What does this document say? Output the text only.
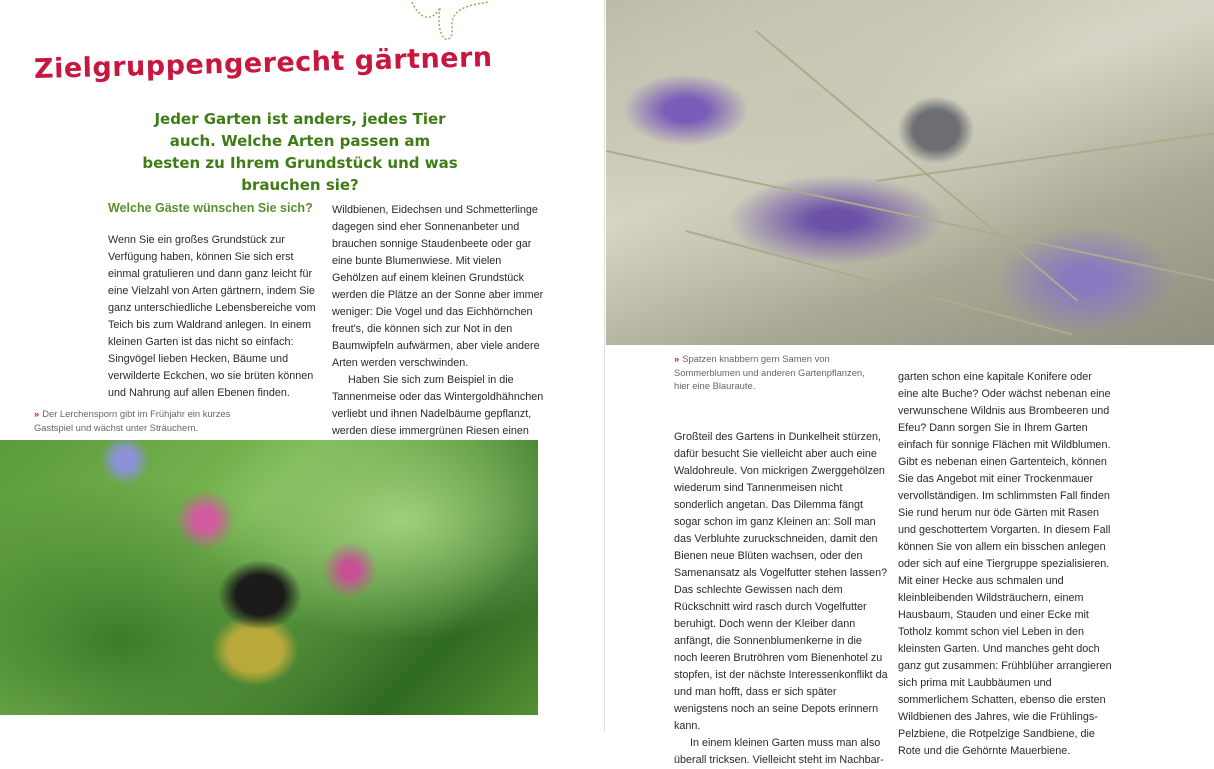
Zielgruppengerecht gärtnern

Jeder Garten ist anders, jedes Tier auch. Welche Arten passen am besten zu Ihrem Grundstück und was brauchen sie?

Welche Gäste wünschen Sie sich?

Wenn Sie ein großes Grundstück zur Verfügung haben, können Sie sich erst einmal gratulieren und dann ganz leicht für eine Vielzahl von Arten gärtnern, indem Sie ganz unterschiedliche Lebensbereiche vom Teich bis zum Waldrand anlegen. In einem kleinen Garten ist das nicht so einfach: Singvögel lieben Hecken, Bäume und verwilderte Eckchen, wo sie brüten können und Nahrung auf allen Ebenen finden.

Wildbienen, Eidechsen und Schmetterlinge dagegen sind eher Sonnenanbeter und brauchen sonnige Staudenbeete oder gar eine bunte Blumenwiese. Mit vielen Gehölzen auf einem kleinen Grundstück werden die Plätze an der Sonne aber immer weniger: Die Vogel und das Eichhörnchen freut's, die können sich zur Not in den Baumwipfeln aufwärmen, aber viele andere Arten werden verschwinden.

Haben Sie sich zum Beispiel in die Tannenmeise oder das Wintergoldhähnchen verliebt und ihnen Nadelbäume gepflanzt, werden diese immergrünen Riesen einen

» Der Lerchensporn gibt im Frühjahr ein kurzes Gastspiel und wächst unter Sträuchern.
» Spatzen knabbern gern Samen von Sommerblumen und anderen Gartenpflanzen, hier eine Blauraute.

Großteil des Gartens in Dunkelheit stürzen, dafür besucht Sie vielleicht aber auch eine Waldohreule. Von mickrigen Zwerggehölzen wiederum sind Tannenmeisen nicht sonderlich angetan. Das Dilemma fängt sogar schon im ganz Kleinen an: Soll man das Verbluhte zuruckschneiden, damit den Bienen neue Blüten wachsen, oder den Samenansatz als Vogelfutter stehen lassen? Das schlechte Gewissen nach dem Rückschnitt wird rasch durch Vogelfutter beruhigt. Doch wenn der Kleiber dann anfängt, die Sonnenblumenkerne in die noch leeren Brutröhren vom Bienenhotel zu stopfen, ist der nächste Interessenkonflikt da und man hofft, dass er sich später wenigstens noch an seine Depots erinnern kann.

In einem kleinen Garten muss man also überall tricksen. Vielleicht steht im Nachbar-

garten schon eine kapitale Konifere oder eine alte Buche? Oder wächst nebenan eine verwunschene Wildnis aus Brombeeren und Efeu? Dann sorgen Sie in Ihrem Garten einfach für sonnige Flächen mit Wildblumen. Gibt es nebenan einen Gartenteich, können Sie das Angebot mit einer Trockenmauer vervollständigen. Im schlimmsten Fall finden Sie rund herum nur öde Gärten mit Rasen und geschottertem Vorgarten. In diesem Fall können Sie von allem ein bisschen anlegen oder sich auf eine Tiergruppe spezialisieren. Mit einer Hecke aus schmalen und kleinbleibenden Wildsträuchern, einem Hausbaum, Stauden und einer Ecke mit Totholz kommt schon viel Leben in den kleinsten Garten. Und manches geht doch ganz gut zusammen: Frühblüher arrangieren sich prima mit Laubbäumen und sommerlichem Schatten, ebenso die ersten Wildbienen des Jahres, wie die Frühlings-Pelzbiene, die Rotpelzige Sandbiene, die Rote und die Gehörnte Mauerbiene.
